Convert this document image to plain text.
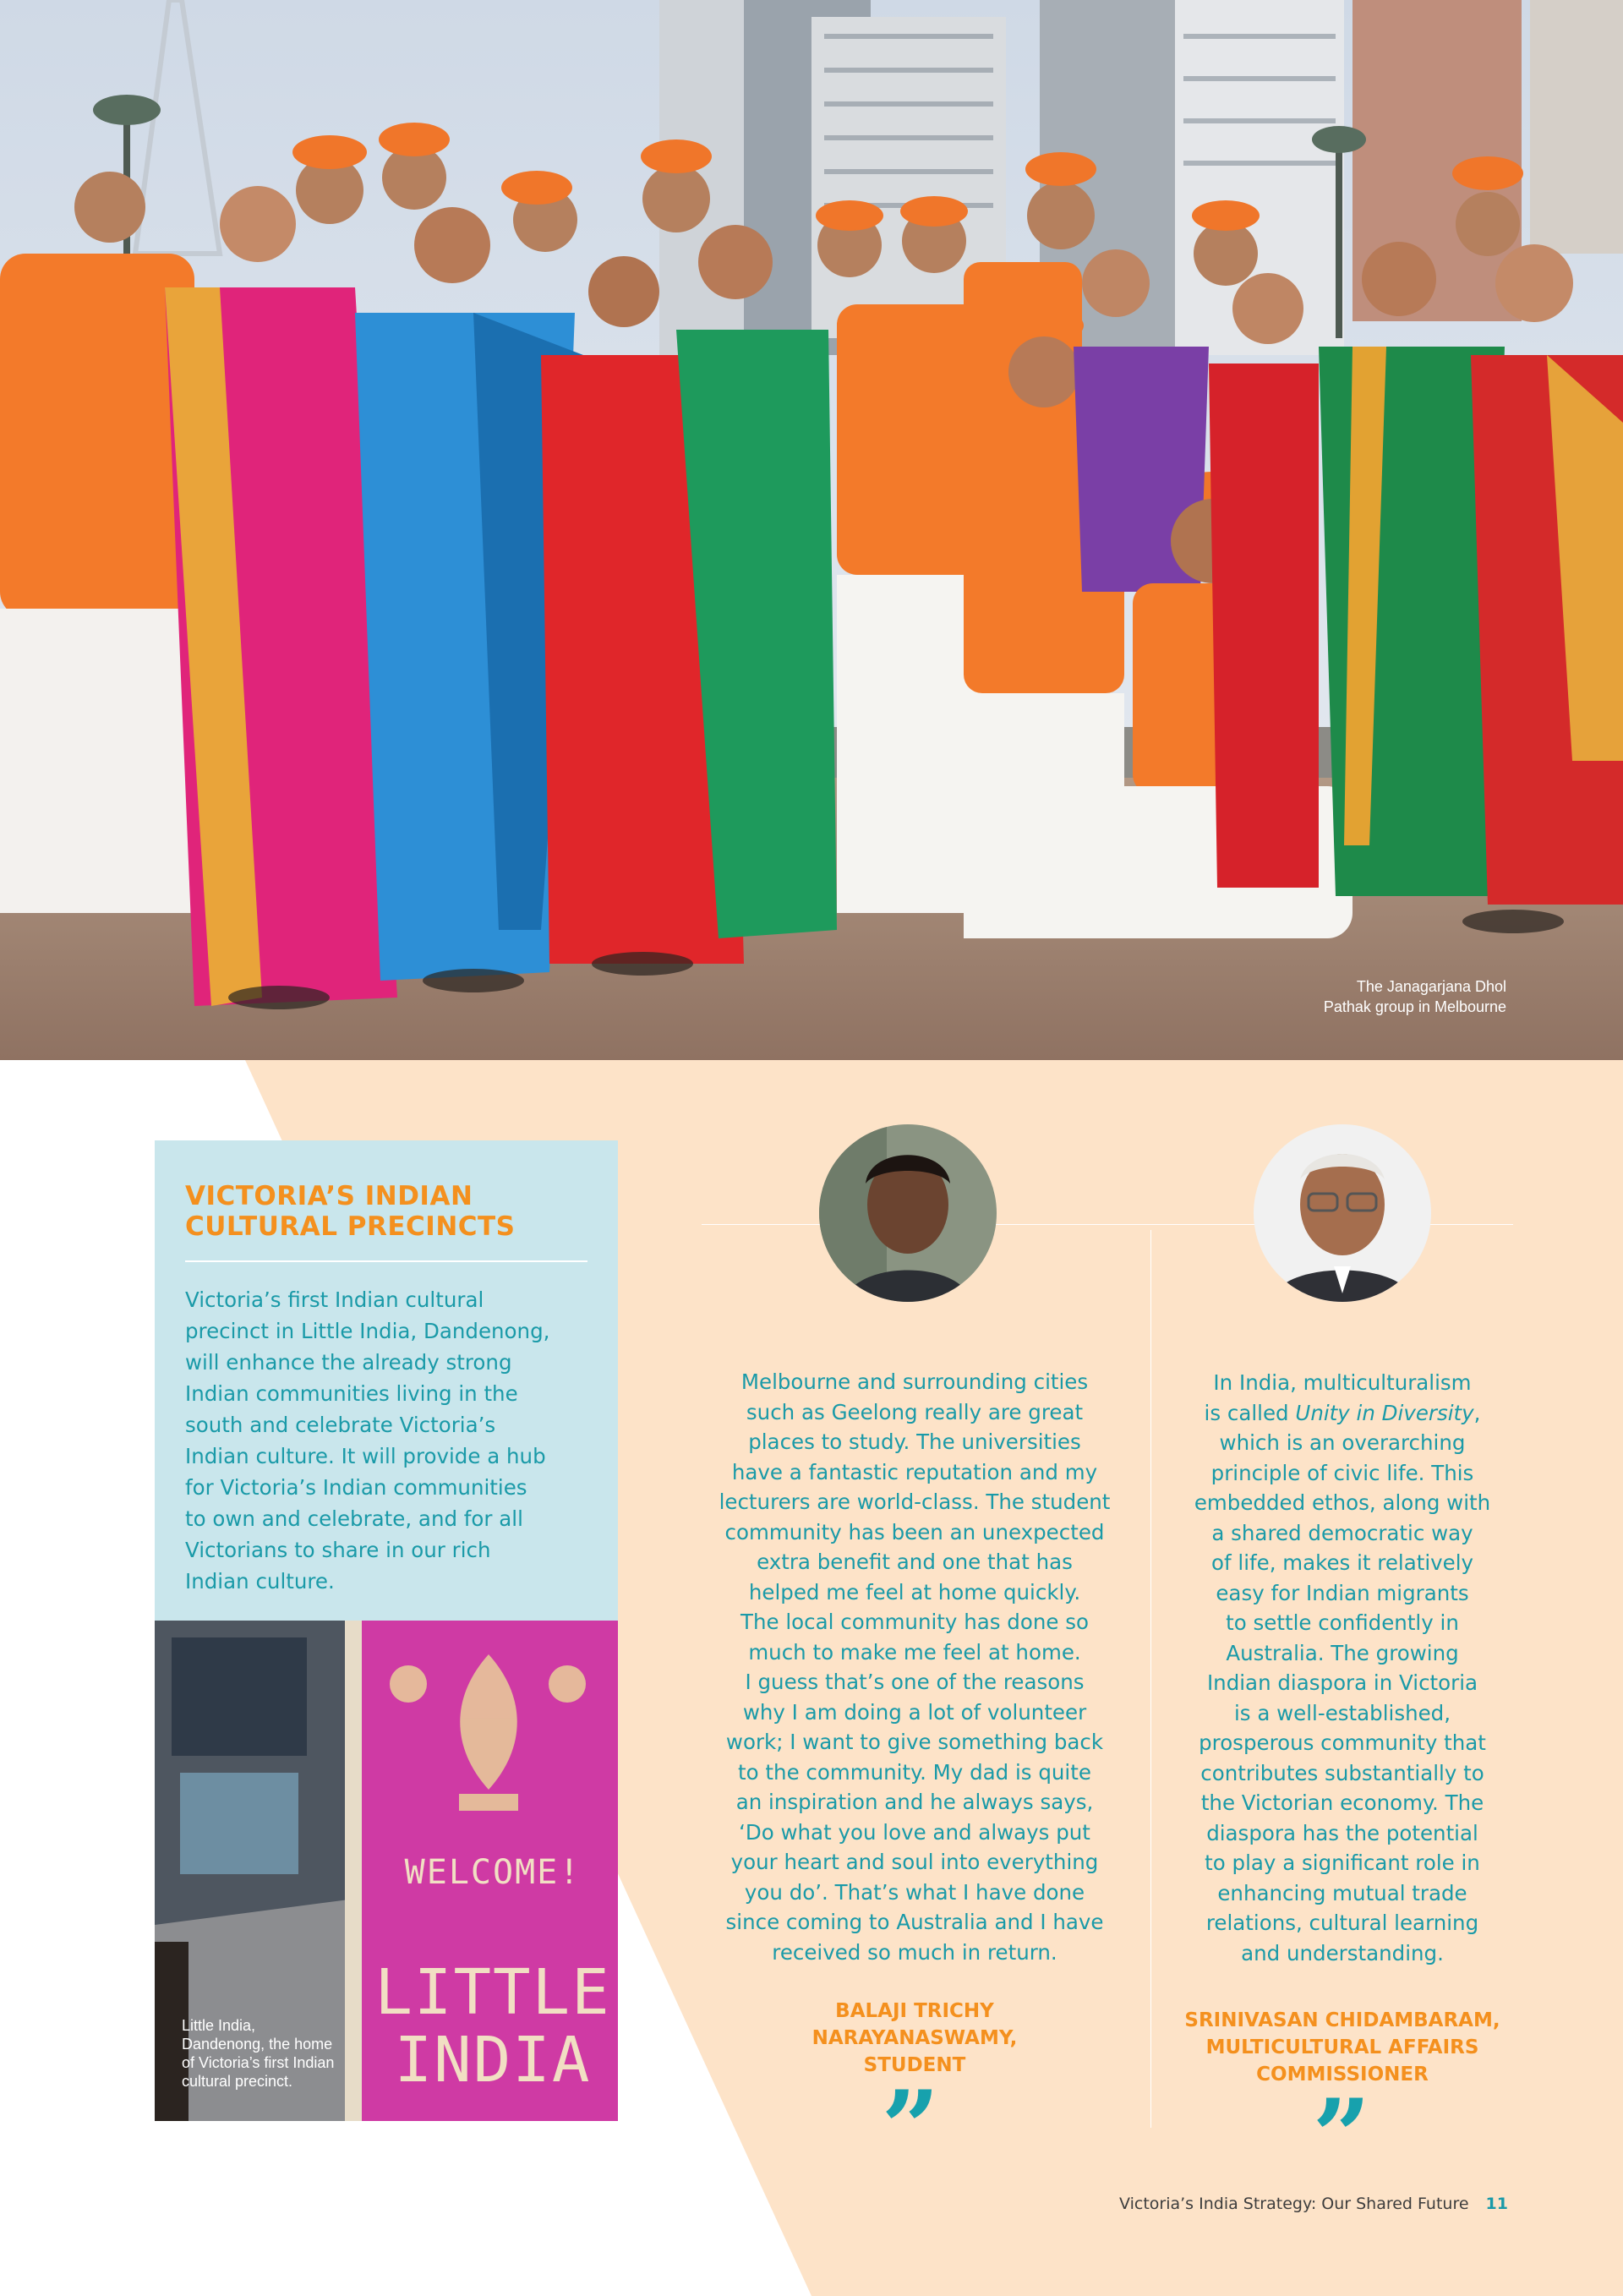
The Janagarjana Dhol
Pathak group in Melbourne
VICTORIA’S INDIAN
CULTURAL PRECINCTS
Victoria’s first Indian cultural
precinct in Little India, Dandenong,
will enhance the already strong
Indian communities living in the
south and celebrate Victoria’s
Indian culture. It will provide a hub
for Victoria’s Indian communities
to own and celebrate, and for all
Victorians to share in our rich
Indian culture.
WELCOME!
LITTLE
INDIA
Little India,
Dandenong, the home
of Victoria’s first Indian
cultural precinct.
Melbourne and surrounding cities
such as Geelong really are great
places to study. The universities
have a fantastic reputation and my
lecturers are world-class. The student
community has been an unexpected
extra benefit and one that has
helped me feel at home quickly.
The local community has done so
much to make me feel at home.
I guess that’s one of the reasons
why I am doing a lot of volunteer
work; I want to give something back
to the community. My dad is quite
an inspiration and he always says,
‘Do what you love and always put
your heart and soul into everything
you do’. That’s what I have done
since coming to Australia and I have
received so much in return.
BALAJI TRICHY
NARAYANASWAMY,
STUDENT
”
In India, multiculturalism
is called Unity in Diversity,
which is an overarching
principle of civic life. This
embedded ethos, along with
a shared democratic way
of life, makes it relatively
easy for Indian migrants
to settle confidently in
Australia. The growing
Indian diaspora in Victoria
is a well-established,
prosperous community that
contributes substantially to
the Victorian economy. The
diaspora has the potential
to play a significant role in
enhancing mutual trade
relations, cultural learning
and understanding.
SRINIVASAN CHIDAMBARAM,
MULTICULTURAL AFFAIRS
COMMISSIONER
”
Victoria’s India Strategy: Our Shared Future 11
